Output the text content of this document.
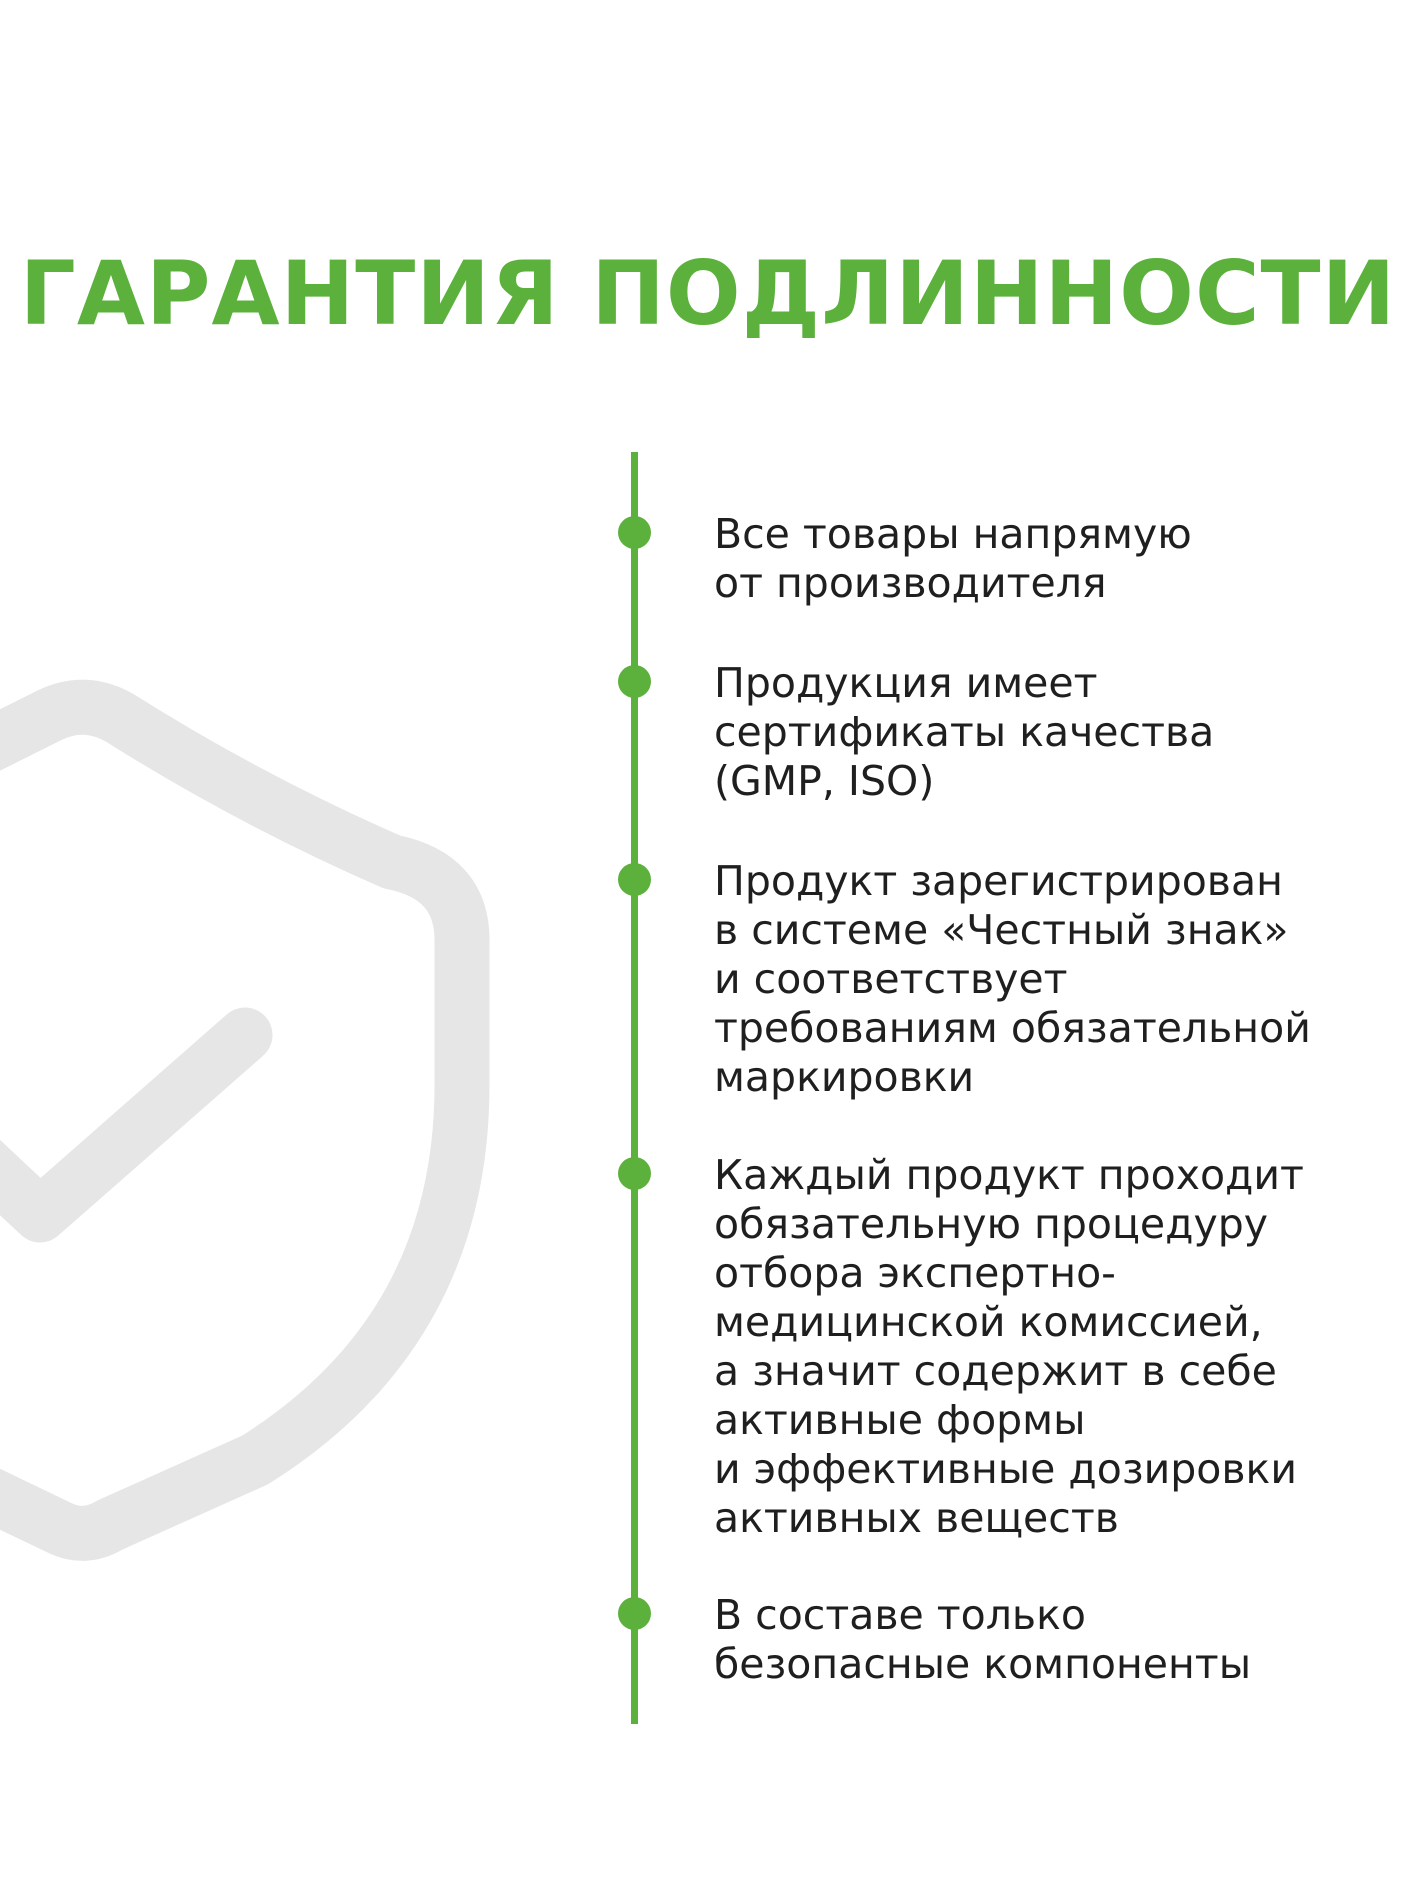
ГАРАНТИЯ ПОДЛИННОСТИ

Все товары напрямую
от производителя

Продукция имеет
сертификаты качества
(GMP, ISO)

Продукт зарегистрирован
в системе «Честный знак»
и соответствует
требованиям обязательной
маркировки

Каждый продукт проходит
обязательную процедуру
отбора экспертно-
медицинской комиссией,
а значит содержит в себе
активные формы
и эффективные дозировки
активных веществ

В составе только
безопасные компоненты
